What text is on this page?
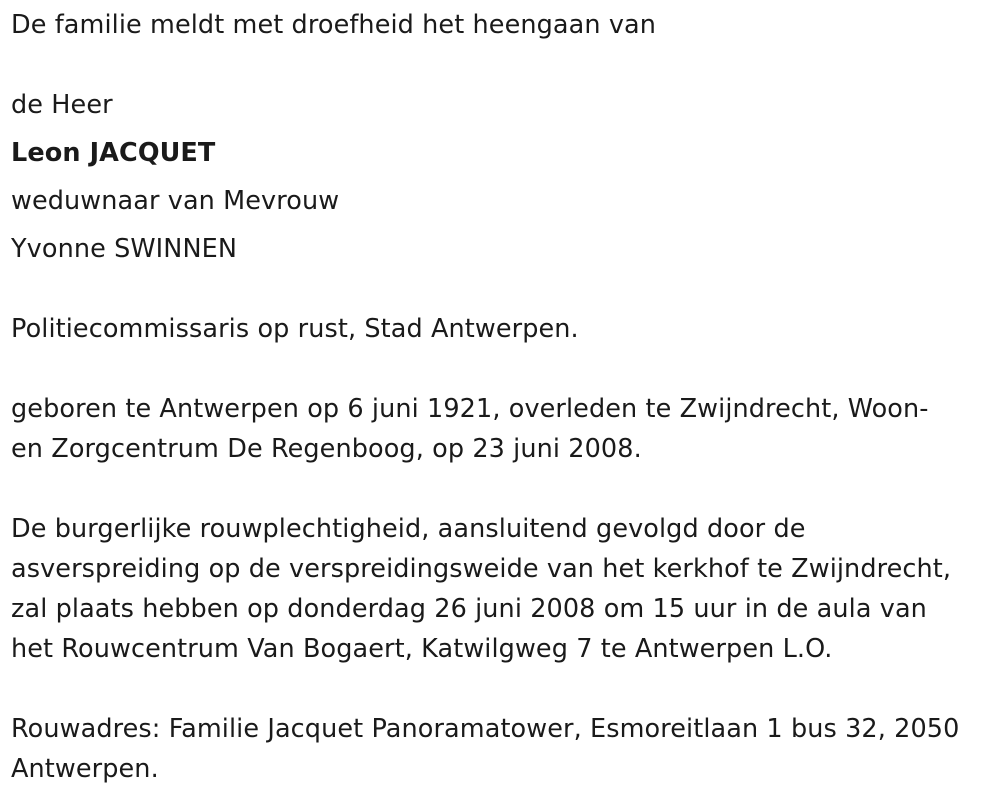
De familie meldt met droefheid het heengaan van
de Heer
Leon JACQUET
weduwnaar van Mevrouw
Yvonne SWINNEN
Politiecommissaris op rust, Stad Antwerpen.
geboren te Antwerpen op 6 juni 1921, overleden te Zwijndrecht, Woon-
en Zorgcentrum De Regenboog, op 23 juni 2008.
De burgerlijke rouwplechtigheid, aansluitend gevolgd door de
asverspreiding op de verspreidingsweide van het kerkhof te Zwijndrecht,
zal plaats hebben op donderdag 26 juni 2008 om 15 uur in de aula van
het Rouwcentrum Van Bogaert, Katwilgweg 7 te Antwerpen L.O.
Rouwadres: Familie Jacquet Panoramatower, Esmoreitlaan 1 bus 32, 2050
Antwerpen.
